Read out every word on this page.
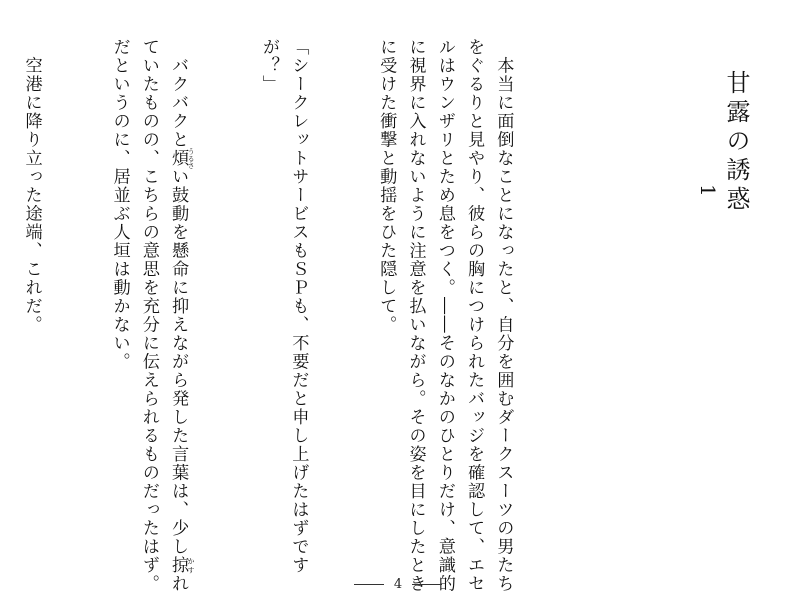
甘露の誘惑
1

　本当に面倒なことになったと、自分を囲むダークスーツの男たち
をぐるりと見やり、彼らの胸につけられたバッジを確認して、エセ
ルはウンザリとため息をつく。――そのなかのひとりだけ、意識的
に視界に入れないように注意を払いながら。その姿を目にしたとき
に受けた衝撃と動揺をひた隠して。

「シークレットサービスもＳＰも、不要だと申し上げたはずです
が？」

　バクバクと煩 うるさい鼓動を懸命に抑えながら発した言葉は、少し掠 かすれ
ていたものの、こちらの意思を充分に伝えられるものだったはず。
だというのに、居並ぶ人垣は動かない。

　空港に降り立った途端、これだ。

4
